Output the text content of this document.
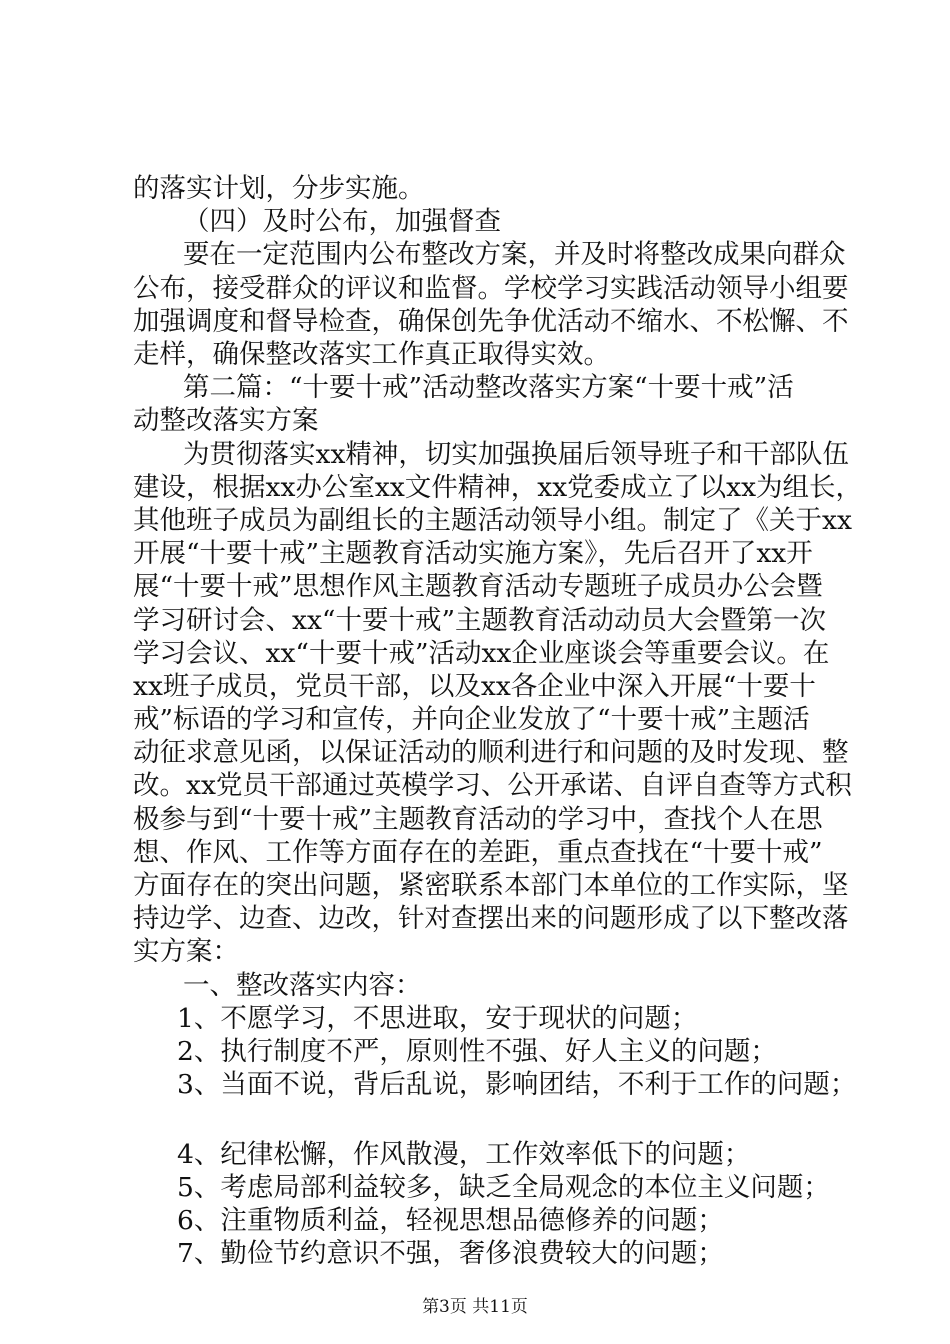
的落实计划，分步实施。
（四）及时公布，加强督查
要在一定范围内公布整改方案，并及时将整改成果向群众
公布，接受群众的评议和监督。学校学习实践活动领导小组要
加强调度和督导检查，确保创先争优活动不缩水、不松懈、不
走样，确保整改落实工作真正取得实效。
第二篇：“十要十戒”活动整改落实方案“十要十戒”活
动整改落实方案
为贯彻落实xx精神，切实加强换届后领导班子和干部队伍
建设，根据xx办公室xx文件精神，xx党委成立了以xx为组长，
其他班子成员为副组长的主题活动领导小组。制定了《关于xx
开展“十要十戒”主题教育活动实施方案》，先后召开了xx开
展“十要十戒”思想作风主题教育活动专题班子成员办公会暨
学习研讨会、xx“十要十戒”主题教育活动动员大会暨第一次
学习会议、xx“十要十戒”活动xx企业座谈会等重要会议。在
xx班子成员，党员干部，以及xx各企业中深入开展“十要十
戒”标语的学习和宣传，并向企业发放了“十要十戒”主题活
动征求意见函，以保证活动的顺利进行和问题的及时发现、整
改。xx党员干部通过英模学习、公开承诺、自评自查等方式积
极参与到“十要十戒”主题教育活动的学习中，查找个人在思
想、作风、工作等方面存在的差距，重点查找在“十要十戒”
方面存在的突出问题，紧密联系本部门本单位的工作实际，坚
持边学、边查、边改，针对查摆出来的问题形成了以下整改落
实方案：
一、整改落实内容：
1、不愿学习，不思进取，安于现状的问题；
2、执行制度不严，原则性不强、好人主义的问题；
3、当面不说，背后乱说，影响团结，不利于工作的问题；
4、纪律松懈，作风散漫，工作效率低下的问题；
5、考虑局部利益较多，缺乏全局观念的本位主义问题；
6、注重物质利益，轻视思想品德修养的问题；
7、勤俭节约意识不强，奢侈浪费较大的问题；
第3页 共11页
